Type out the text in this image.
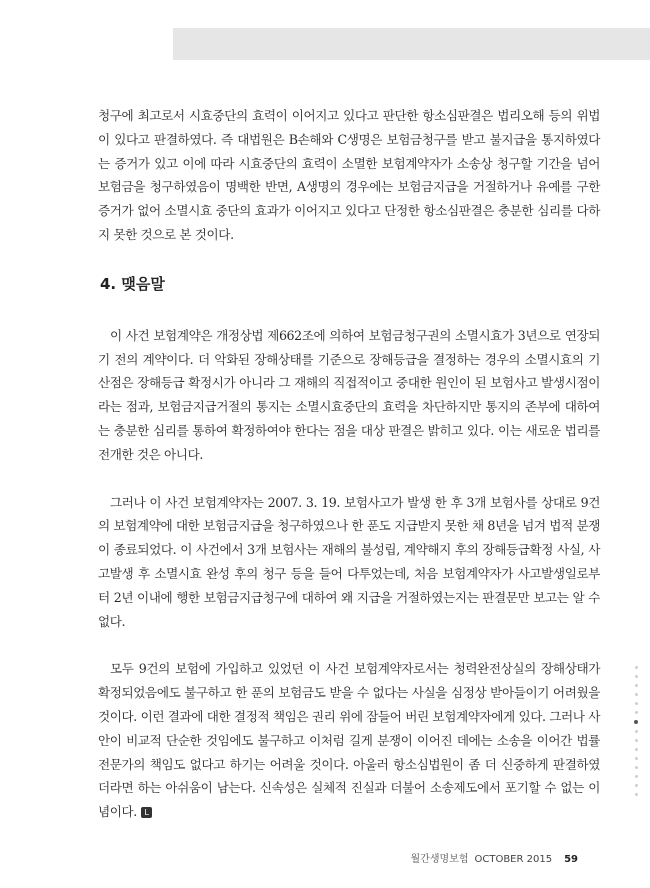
청구에 최고로서 시효중단의 효력이 이어지고 있다고 판단한 항소심판결은 법리오해 등의 위법이 있다고 판결하였다. 즉 대법원은 B손해와 C생명은 보험금청구를 받고 불지급을 통지하였다는 증거가 있고 이에 따라 시효중단의 효력이 소멸한 보험계약자가 소송상 청구할 기간을 넘어 보험금을 청구하였음이 명백한 반면, A생명의 경우에는 보험금지급을 거절하거나 유예를 구한 증거가 없어 소멸시효 중단의 효과가 이어지고 있다고 단정한 항소심판결은 충분한 심리를 다하지 못한 것으로 본 것이다.

4. 맺음말

이 사건 보험계약은 개정상법 제662조에 의하여 보험금청구권의 소멸시효가 3년으로 연장되기 전의 계약이다. 더 악화된 장해상태를 기준으로 장해등급을 결정하는 경우의 소멸시효의 기산점은 장해등급 확정시가 아니라 그 재해의 직접적이고 중대한 원인이 된 보험사고 발생시점이라는 점과, 보험금지급거절의 통지는 소멸시효중단의 효력을 차단하지만 통지의 존부에 대하여는 충분한 심리를 통하여 확정하여야 한다는 점을 대상 판결은 밝히고 있다. 이는 새로운 법리를 전개한 것은 아니다.

그러나 이 사건 보험계약자는 2007. 3. 19. 보험사고가 발생 한 후 3개 보험사를 상대로 9건의 보험계약에 대한 보험금지급을 청구하였으나 한 푼도 지급받지 못한 채 8년을 넘겨 법적 분쟁이 종료되었다. 이 사건에서 3개 보험사는 재해의 불성립, 계약해지 후의 장해등급확정 사실, 사고발생 후 소멸시효 완성 후의 청구 등을 들어 다투었는데, 처음 보험계약자가 사고발생일로부터 2년 이내에 행한 보험금지급청구에 대하여 왜 지급을 거절하였는지는 판결문만 보고는 알 수 없다.

모두 9건의 보험에 가입하고 있었던 이 사건 보험계약자로서는 청력완전상실의 장해상태가 확정되었음에도 불구하고 한 푼의 보험금도 받을 수 없다는 사실을 심정상 받아들이기 어려웠을 것이다. 이런 결과에 대한 결정적 책임은 권리 위에 잠들어 버린 보험계약자에게 있다. 그러나 사안이 비교적 단순한 것임에도 불구하고 이처럼 길게 분쟁이 이어진 데에는 소송을 이어간 법률전문가의 책임도 없다고 하기는 어려울 것이다. 아울러 항소심법원이 좀 더 신중하게 판결하였더라면 하는 아쉬움이 남는다. 신속성은 실체적 진실과 더불어 소송제도에서 포기할 수 없는 이념이다. L

월간생명보험 OCTOBER 2015 59
